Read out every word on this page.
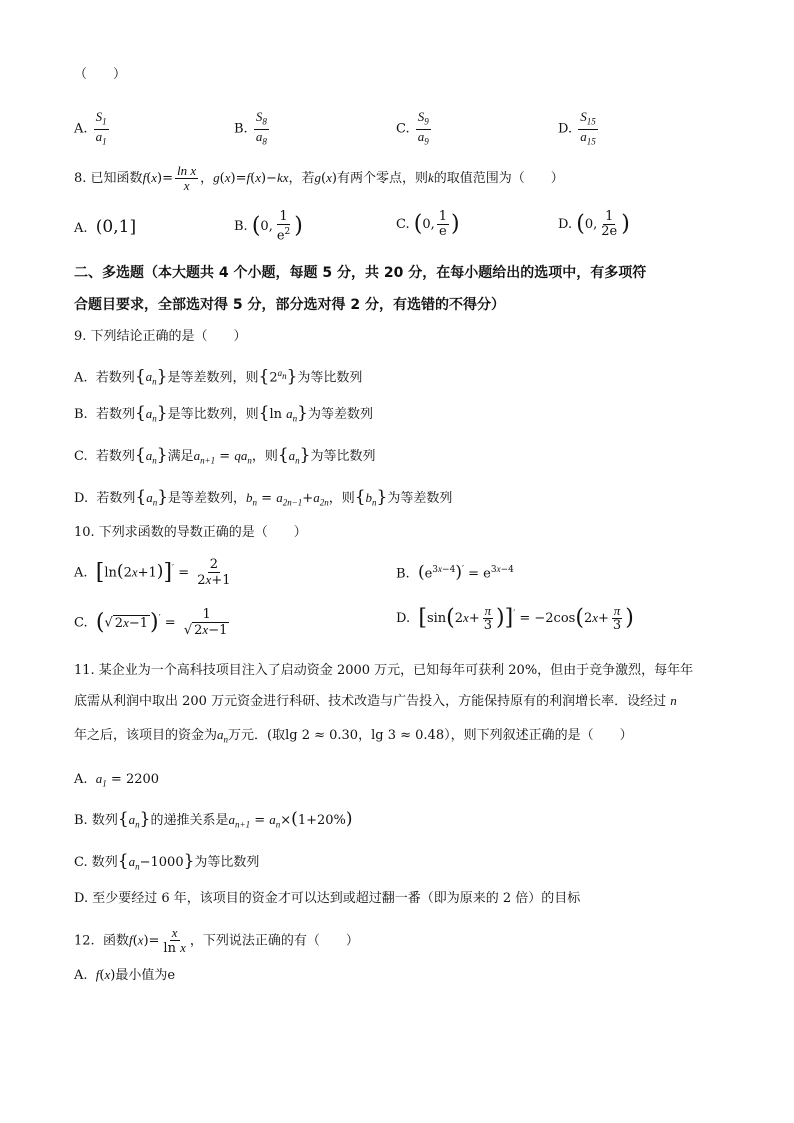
（　　）
A. $\frac{S_1}{a_1}$	B. $\frac{S_8}{a_8}$	C. $\frac{S_9}{a_9}$	D. $\frac{S_{15}}{a_{15}}$
8. 已知函数$f(x)= \frac{\text{ln x}}{x}$ ，g(x)=f(x)−kx，若g(x)有两个零点，则k的取值范围为（　　）
A. (0,1]	B. (0, $\frac{1}{e^2}$ )	C. (0, $\frac{1}{e}$ )	D. (0, $\frac{1}{2e}$ )
二、多选题（本大题共 4 个小题，每题 5 分，共 20 分，在每小题给出的选项中，有多项符
合题目要求，全部选对得 5 分，部分选对得 2 分，有选错的不得分）
9. 下列结论正确的是（　　）
A. 若数列$\{a_n\}$是等差数列，则$\{2^{a_n}\}$为等比数列
B. 若数列$\{a_n\}$是等比数列，则{ln $a_n$}为等差数列
C. 若数列$\{a_n\}$满足$a_{n+1} = qa_n$，则$\{a_n\}$为等比数列
D. 若数列$\{a_n\}$是等差数列，$b_n = a_{2n-1}+a_{2n}$，则$\{b_n\}$为等差数列
10. 下列求函数的导数正确的是（　　）
A. $[\ln(2x+1)]' = \frac{2}{2x+1}$	B. $(e^{3x-4})' = e^{3x-4}$
C. (√ $2x-1)' = \frac{1}{√ 2x-1}$	D. $[\sin(2x+ \frac{\pi}{3} )]' = -2\cos(2x+ \frac{\pi}{3}$ )
11. 某企业为一个高科技项目注入了启动资金 2000 万元，已知每年可获利 20%，但由于竞争激烈，每年年
底需从利润中取出 200 万元资金进行科研、技术改造与广告投入，方能保持原有的利润增长率．设经过 n
年之后，该项目的资金为$a_n$万元．(取lg 2 ≈ 0.30，lg 3 ≈ 0.48），则下列叙述正确的是（　　）
A. $a_1 = 2200$
B. 数列$\{a_n\}$的递推关系是$a_{n+1} = a_n\times(1+20\%)$
C. 数列$\{a_n-1000\}$为等比数列
D. 至少要经过 6 年，该项目的资金才可以达到或超过翻一番（即为原来的 2 倍）的目标
12. 函数$f(x)= \frac{x}{\text{ln x}}$ ，下列说法正确的有（　　）
A. f(x)最小值为e
